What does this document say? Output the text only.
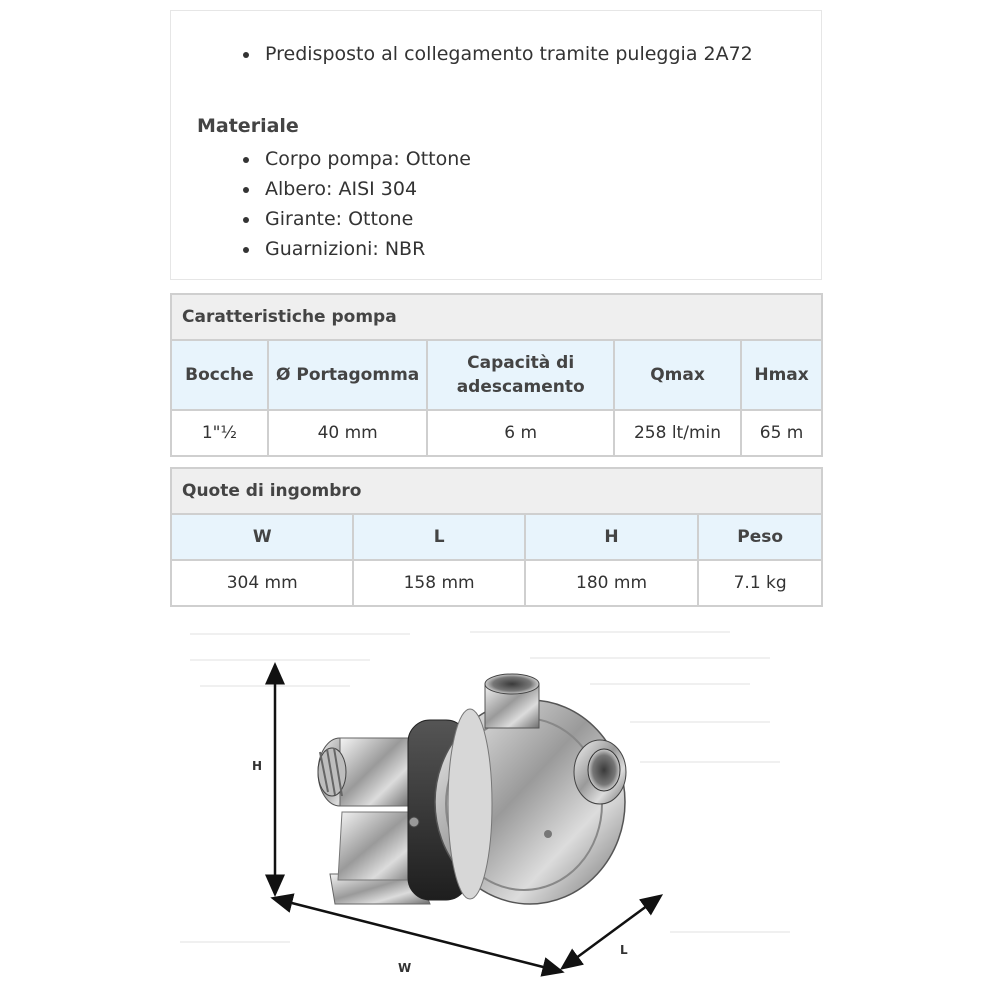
Predisposto al collegamento tramite puleggia 2A72
Materiale
Corpo pompa: Ottone
Albero: AISI 304
Girante: Ottone
Guarnizioni: NBR
Caratteristiche pompa				
Bocche	Ø Portagomma	Capacità di adescamento	Qmax	Hmax
1"½	40 mm	6 m	258 lt/min	65 m
Quote di ingombro			
W	L	H	Peso
304 mm	158 mm	180 mm	7.1 kg
H
W
L
